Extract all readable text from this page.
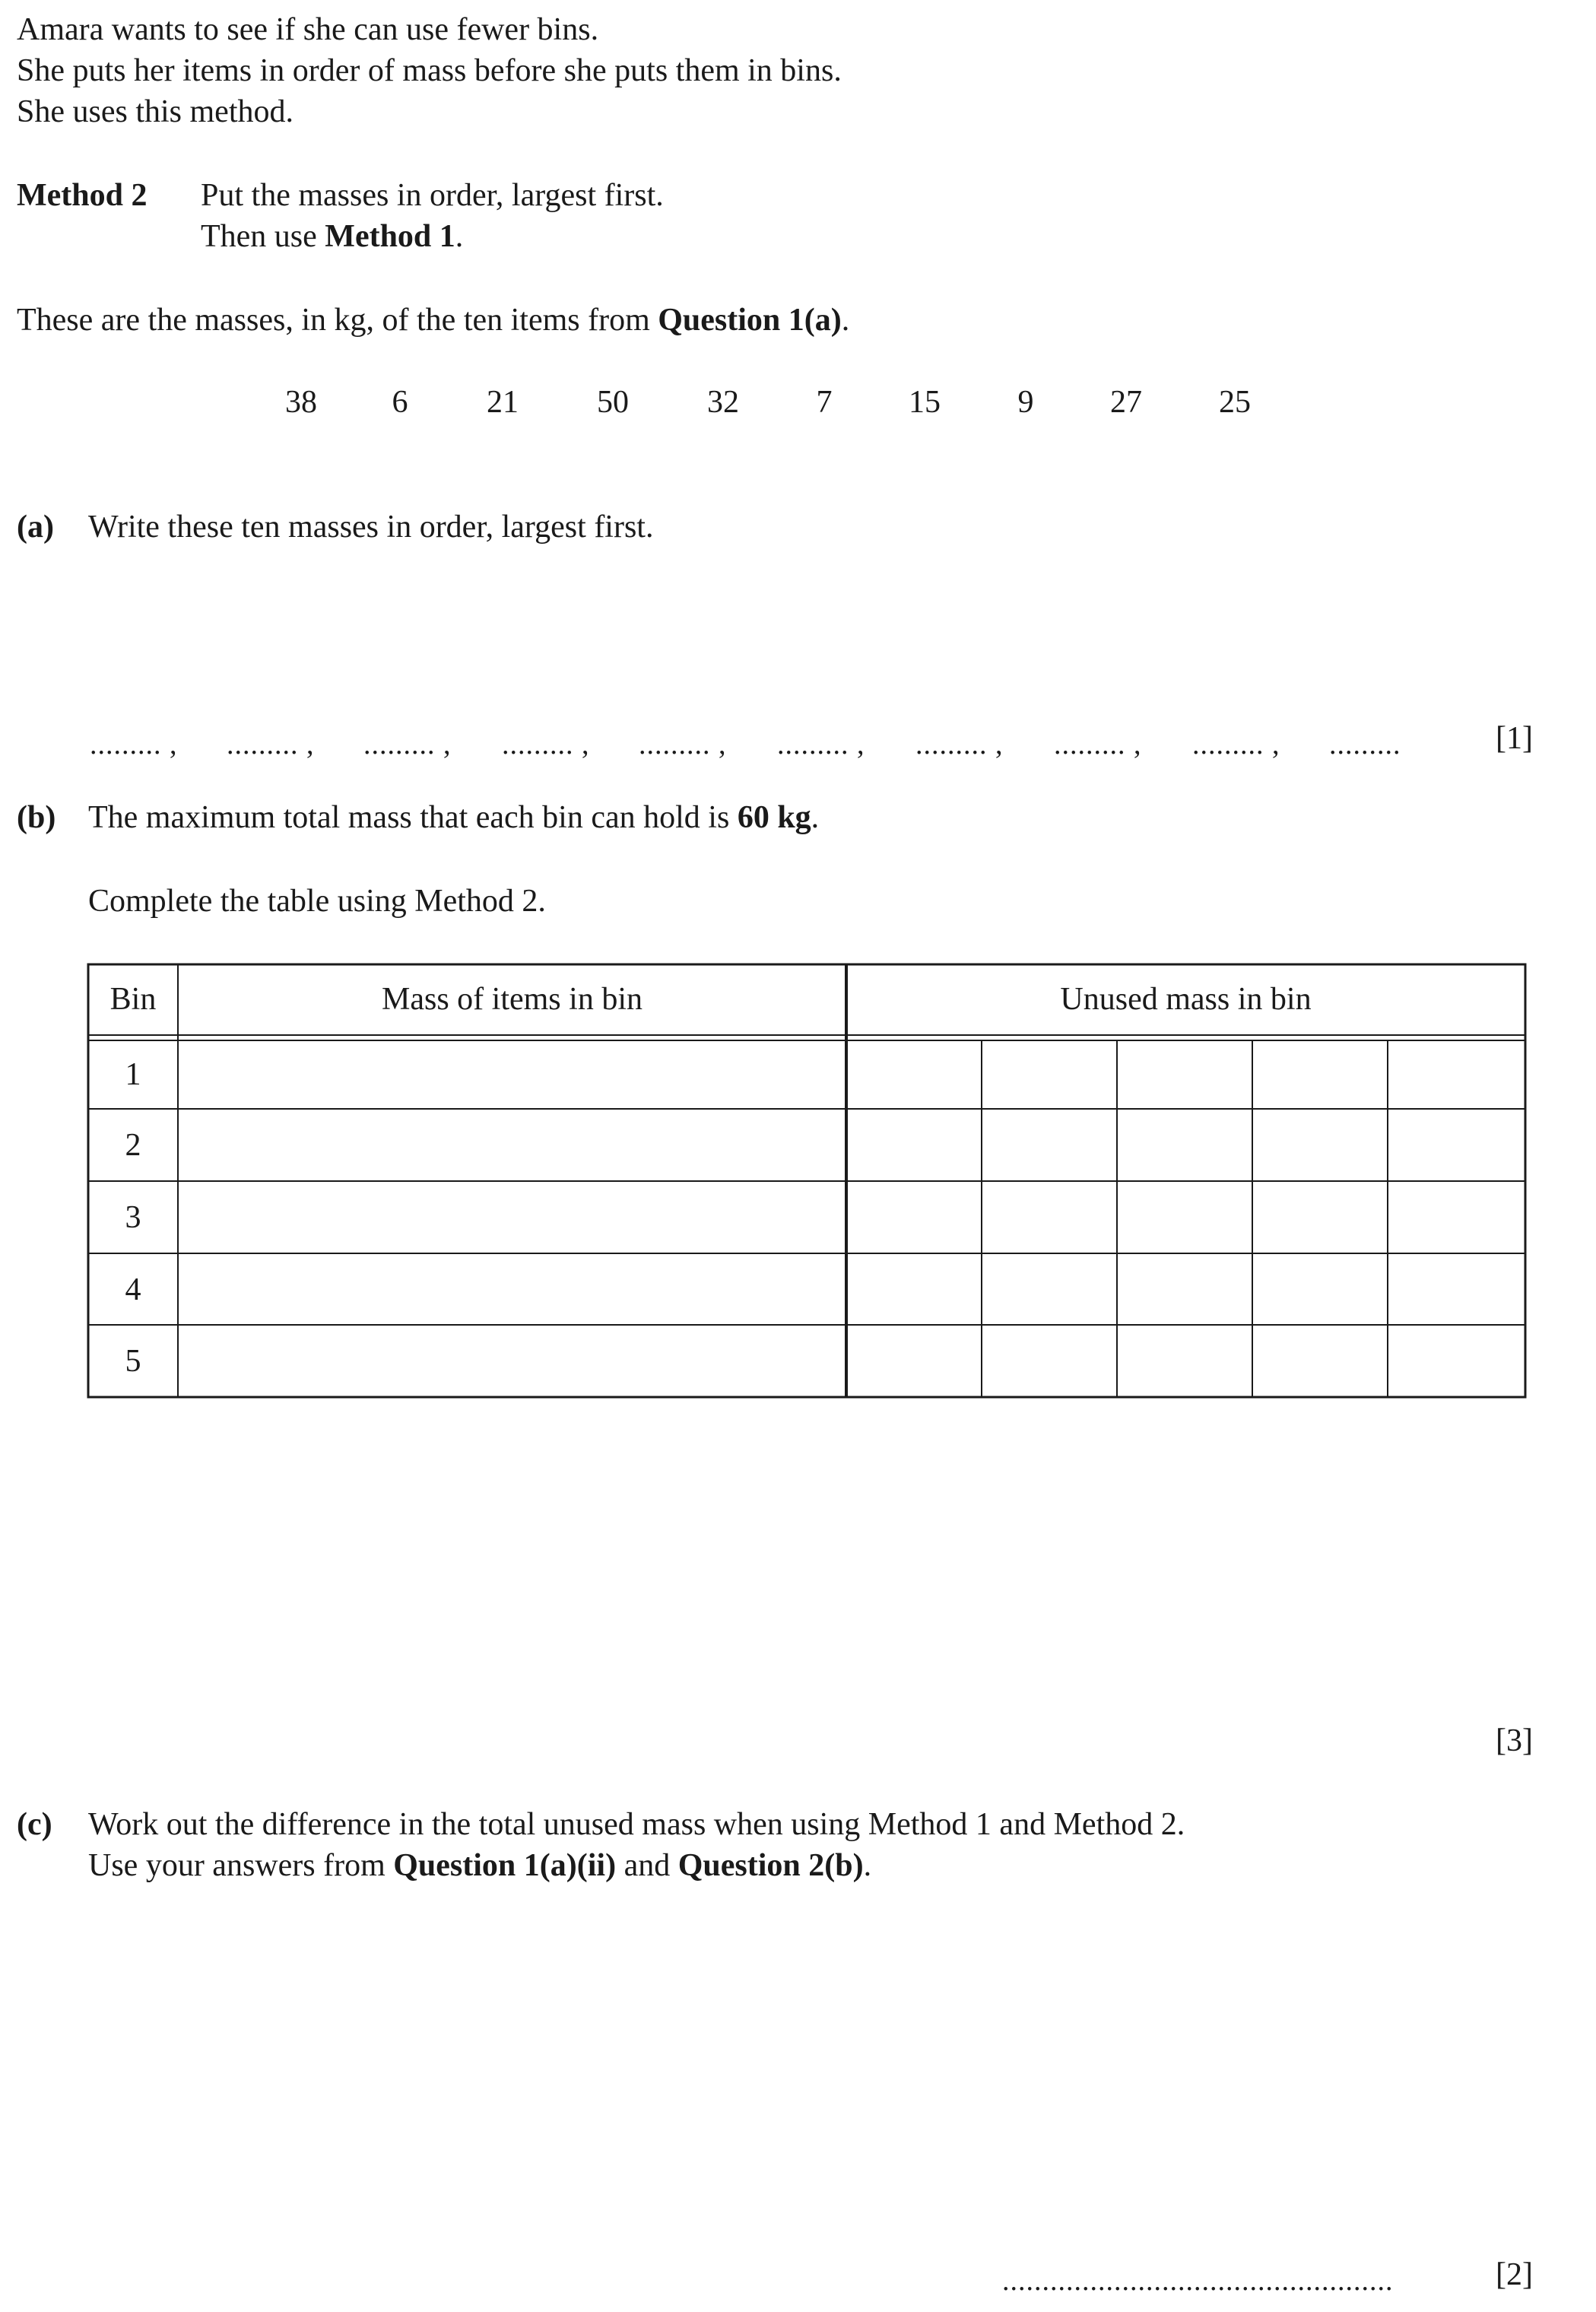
Amara wants to see if she can use fewer bins.
She puts her items in order of mass before she puts them in bins.
She uses this method.
Method 2 Put the masses in order, largest first.
Then use Method 1.
These are the masses, in kg, of the ten items from Question 1(a).
38	6	21	50	32	7	15	9	27	25
(a) Write these ten masses in order, largest first.
......... , ......... , ......... , ......... , ......... , ......... , ......... , ......... , ......... , .........	[1]
(b) The maximum total mass that each bin can hold is 60 kg.
Complete the table using Method 2.
Bin	Mass of items in bin	Unused mass in bin
1
2
3
4
5
[3]
(c) Work out the difference in the total unused mass when using Method 1 and Method 2.
Use your answers from Question 1(a)(ii) and Question 2(b).
.................................................	[2]
